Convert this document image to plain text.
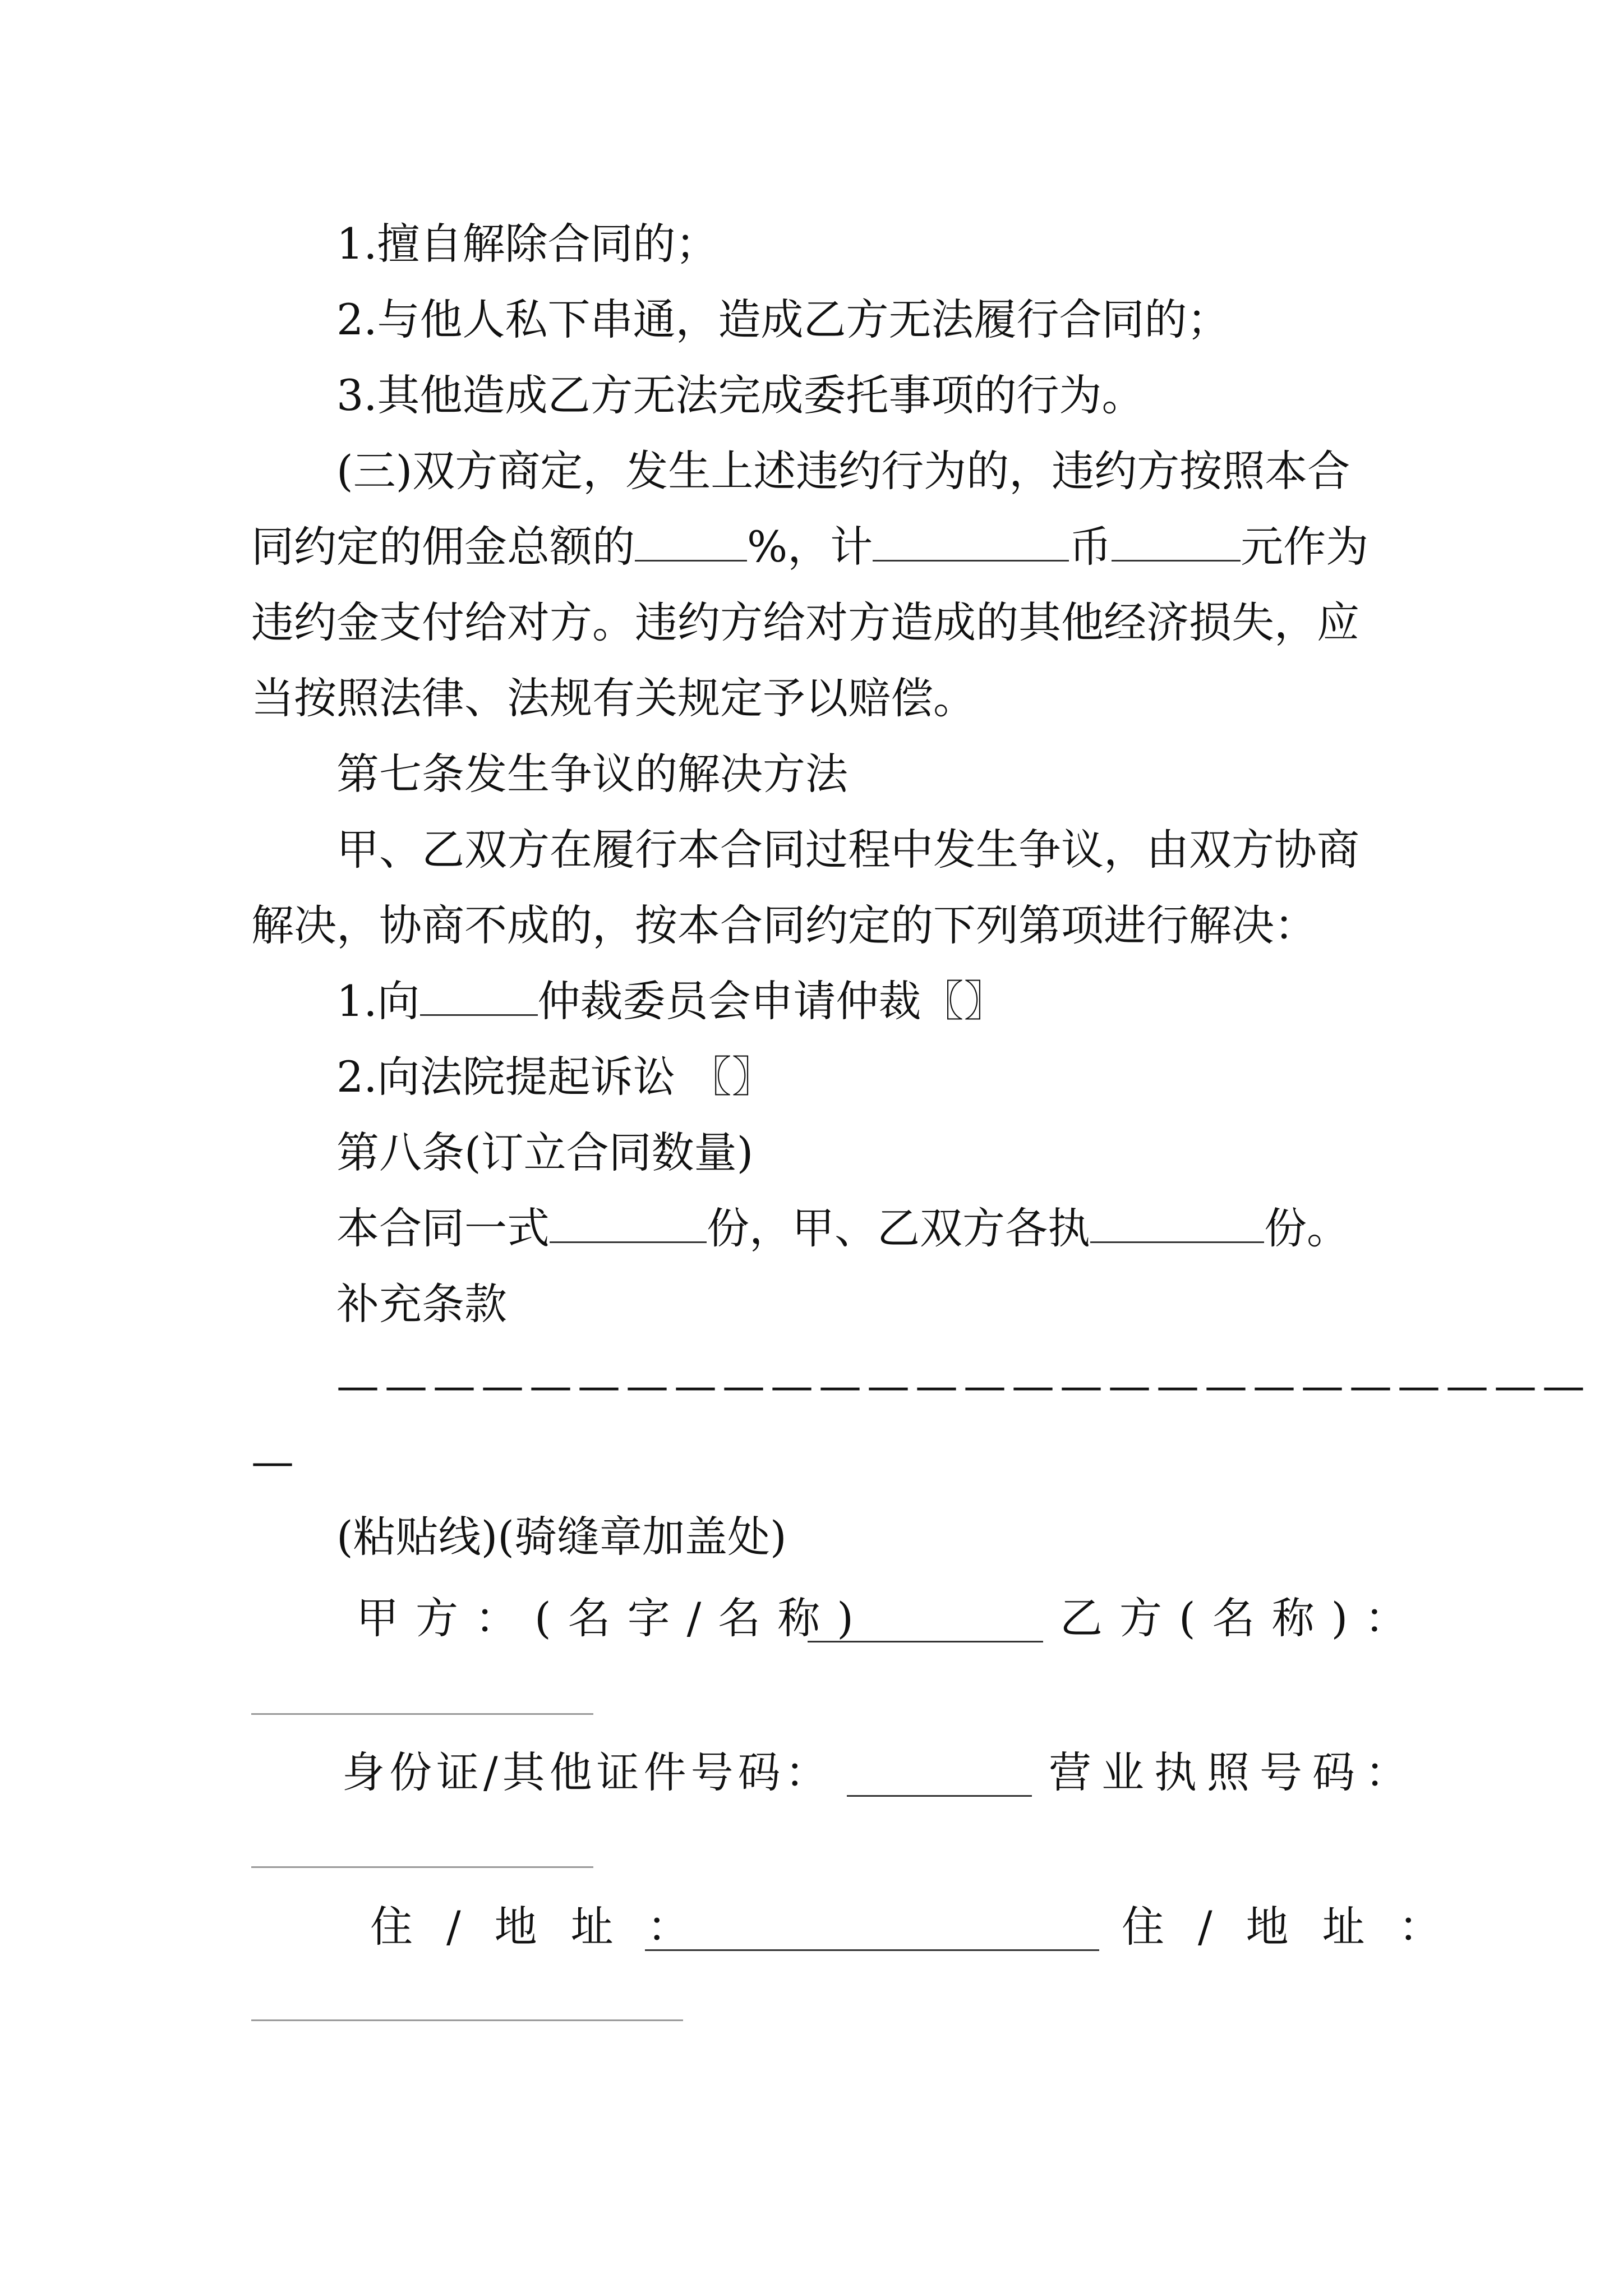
1.擅自解除合同的；
2.与他人私下串通，造成乙方无法履行合同的；
3.其他造成乙方无法完成委托事项的行为。
(三)双方商定，发生上述违约行为的，违约方按照本合
同约定的佣金总额的	%，计	币	元作为
违约金支付给对方。违约方给对方造成的其他经济损失，应
当按照法律、法规有关规定予以赔偿。
第七条发生争议的解决方法
甲、乙双方在履行本合同过程中发生争议，由双方协商
解决，协商不成的，按本合同约定的下列第项进行解决：
1.向	仲裁委员会申请仲裁〖〗
2.向法院提起诉讼 〖〗
第八条(订立合同数量)
本合同一式	份，甲、乙双方各执	份。
补充条款
——————————————————————————
—
(粘贴线)(骑缝章加盖处)
甲方：(名字/名称)	乙方(名称)：
身份证/其他证件号码：	营业执照号码：
住/地址：	住/地址：
